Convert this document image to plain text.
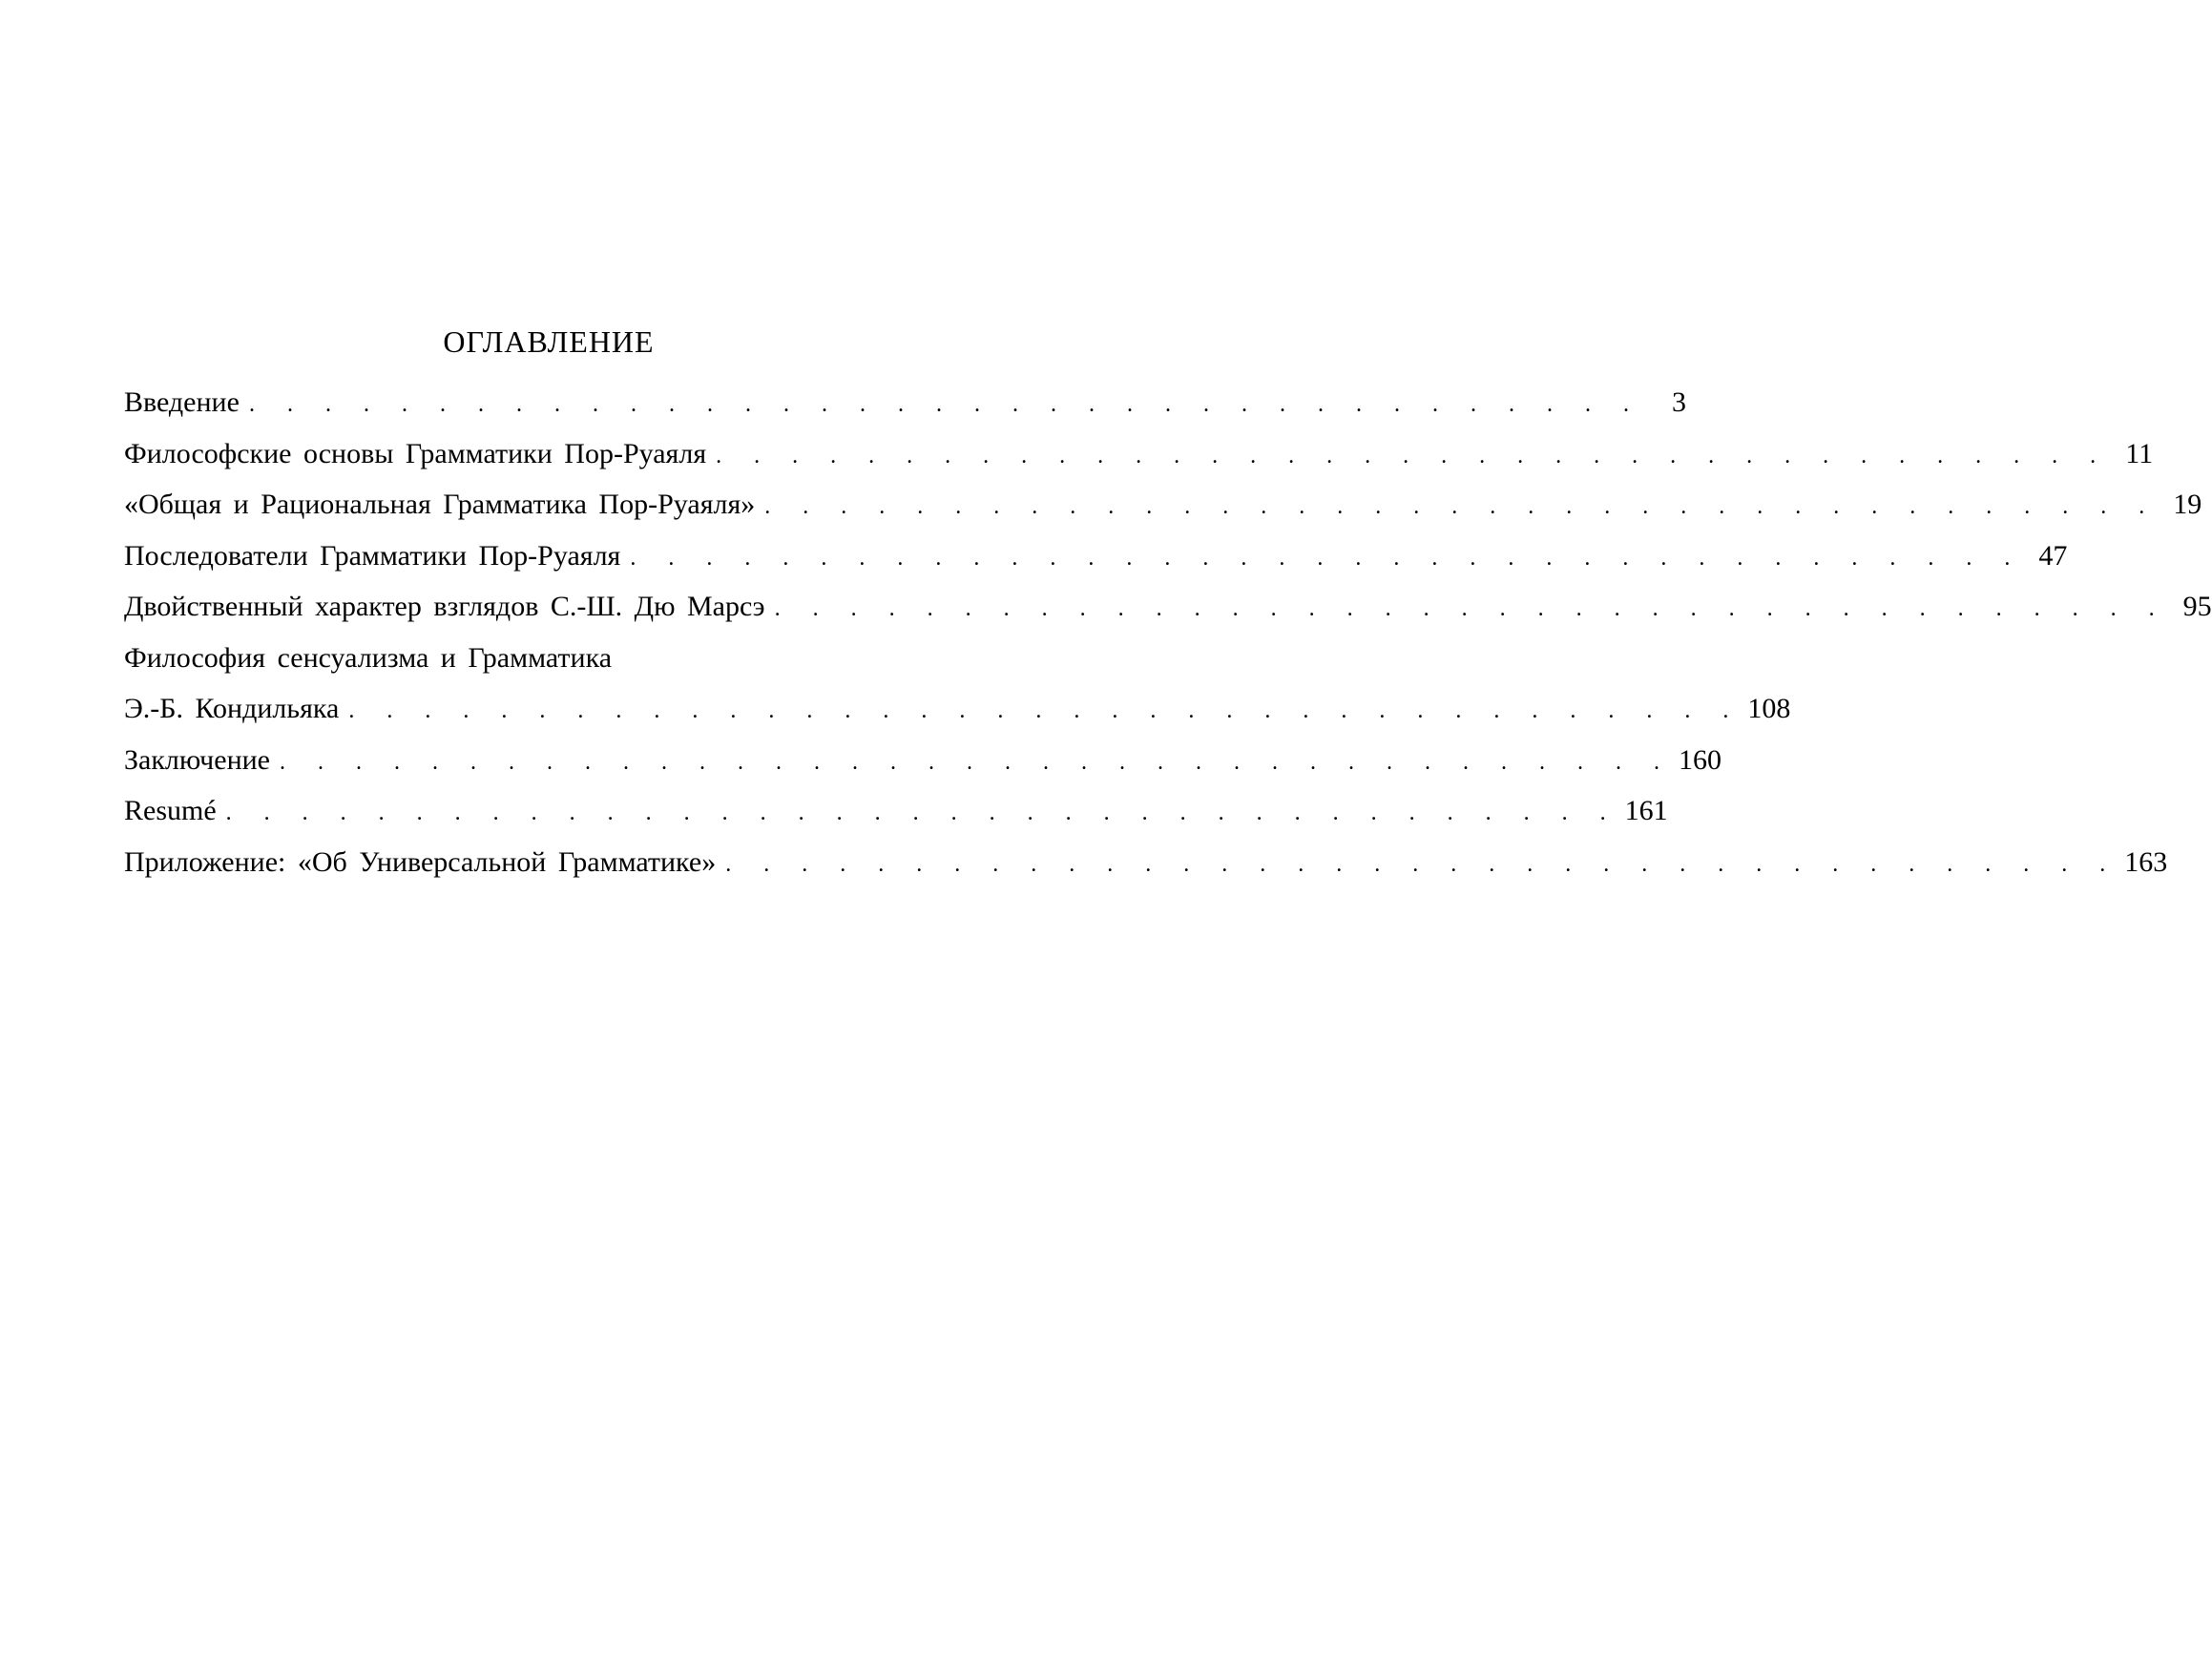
ОГЛАВЛЕНИЕ
Введение . . . . . . . . . . . . . . . . . . . . . . . . . . . . . . . . . . . . .	3
Философские основы Грамматики Пор-Руаяля . . . . . . . . . . . . . . . . . . . . . . . . . . . . . . . . . . . . . 11
«Общая и Рациональная Грамматика Пор-Руаяля» . . . . . . . . . . . . . . . . . . . . . . . . . . . . . . . . . . . . . 19
Последователи Грамматики Пор-Руаяля . . . . . . . . . . . . . . . . . . . . . . . . . . . . . . . . . . . . . 47
Двойственный характер взглядов С.-Ш. Дю Марсэ . . . . . . . . . . . . . . . . . . . . . . . . . . . . . . . . . . . . . 95
Философия сенсуализма и Грамматика
Э.-Б. Кондильяка . . . . . . . . . . . . . . . . . . . . . . . . . . . . . . . . . . . . . 108
Заключение . . . . . . . . . . . . . . . . . . . . . . . . . . . . . . . . . . . . . 160
Resumé . . . . . . . . . . . . . . . . . . . . . . . . . . . . . . . . . . . . . 161
Приложение: «Об Универсальной Грамматике» . . . . . . . . . . . . . . . . . . . . . . . . . . . . . . . . . . . . . 163
